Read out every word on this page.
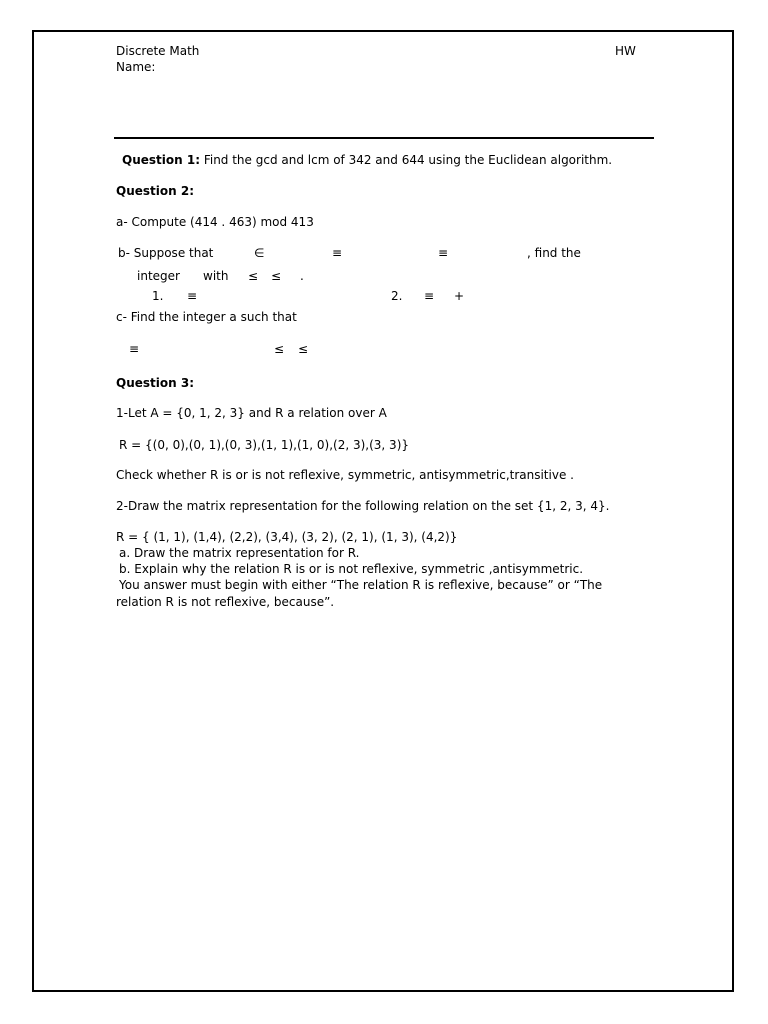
Discrete Math	HW
Name:
Question 1: Find the gcd and lcm of 342 and 644 using the Euclidean algorithm.
Question 2:
a- Compute (414 . 463) mod 413
b- Suppose that	∈	≡	≡	, find the
integer with ≤ ≤ .
1. ≡	2. ≡ +
c- Find the integer a such that
≡	≤ ≤
Question 3:
1-Let A = {0, 1, 2, 3} and R a relation over A
R = {(0, 0),(0, 1),(0, 3),(1, 1),(1, 0),(2, 3),(3, 3)}
Check whether R is or is not reflexive, symmetric, antisymmetric,transitive .
2-Draw the matrix representation for the following relation on the set {1, 2, 3, 4}.
R = { (1, 1), (1,4), (2,2), (3,4), (3, 2), (2, 1), (1, 3), (4,2)}
a. Draw the matrix representation for R.
b. Explain why the relation R is or is not reflexive, symmetric ,antisymmetric.
You answer must begin with either “The relation R is reflexive, because” or “The
relation R is not reflexive, because”.
